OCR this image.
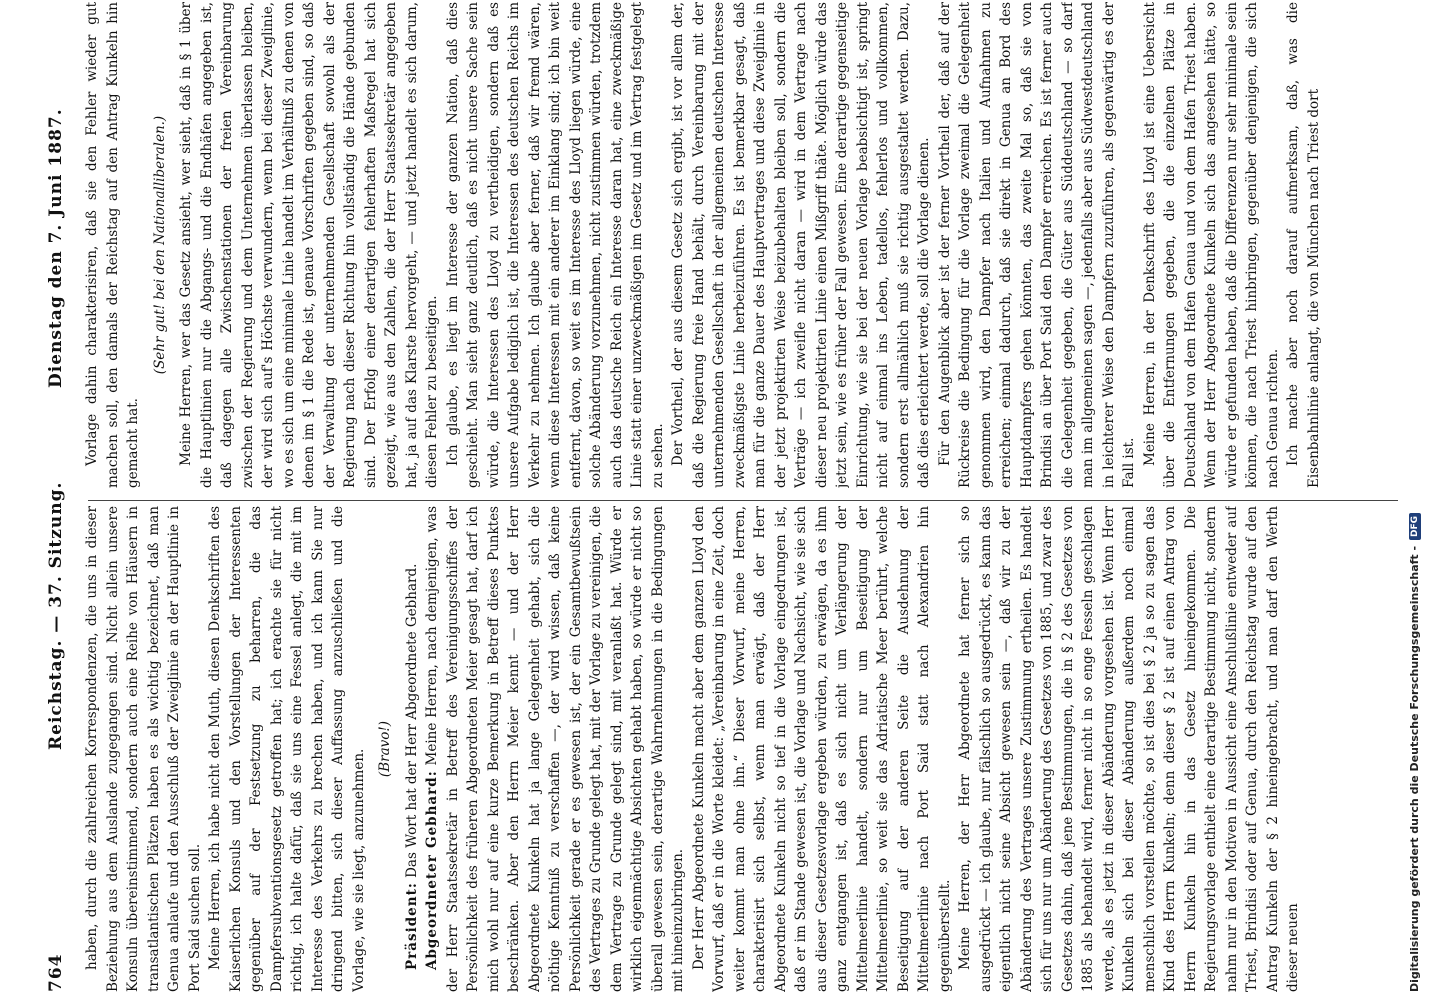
764
Reichstag. — 37. Sitzung.
Dienstag den 7. Juni 1887.

haben, durch die zahlreichen Korrespondenzen, die uns in dieser Beziehung aus dem Auslande zugegangen sind. Nicht allein unsere Konsuln übereinstimmend, sondern auch eine Reihe von Häusern in transatlantischen Plätzen haben es als wichtig bezeichnet, daß man Genua anlaufe und den Ausschluß der Zweiglinie an der Hauptlinie in Port Said suchen soll. Meine Herren, ich habe nicht den Muth, diesen Denkschriften des Kaiserlichen Konsuls und den Vorstellungen der Interessenten gegenüber auf der Festsetzung zu beharren, die das Dampfersubventionsgesetz getroffen hat; ich erachte sie für nicht richtig, ich halte dafür, daß sie uns eine Fessel anlegt, die mit im Interesse des Verkehrs zu brechen haben, und ich kann Sie nur dringend bitten, sich dieser Auffassung anzuschließen und die Vorlage, wie sie liegt, anzunehmen. (Bravo!)

Präsident: Das Wort hat der Herr Abgeordnete Gebhard. Abgeordneter Gebhard: Meine Herren, nach demjenigen, was der Herr Staatssekretär in Betreff des Vereinigungsschiffes der Persönlichkeit des früheren Abgeordneten Meier gesagt hat, darf ich mich wohl nur auf eine kurze Bemerkung in Betreff dieses Punktes beschränken. Aber den Herrn Meier kennt — und der Herr Abgeordnete Kunkeln hat ja lange Gelegenheit gehabt, sich die nöthige Kenntniß zu verschaffen —, der wird wissen, daß keine Persönlichkeit gerade er es gewesen ist, der ein Gesamtbewußtsein des Vertrages zu Grunde gelegt hat, mit der Vorlage zu vereinigen, die dem Vertrage zu Grunde gelegt sind, mit veranlaßt hat. Würde er wirklich eigenmächtige Absichten gehabt haben, so würde er nicht so überall gewesen sein, derartige Wahrnehmungen in die Bedingungen mit hineinzubringen. Der Herr Abgeordnete Kunkeln macht aber dem ganzen Lloyd den Vorwurf, daß er in die Worte kleidet: „Vereinbarung in eine Zeit, doch weiter kommt man ohne ihn.“ Dieser Vorwurf, meine Herren, charakterisirt sich selbst, wenn man erwägt, daß der Herr Abgeordnete Kunkeln nicht so tief in die Vorlage eingedrungen ist, daß er im Stande gewesen ist, die Vorlage und Nachsicht, wie sie sich aus dieser Gesetzesvorlage ergeben würden, zu erwägen, da es ihm ganz entgangen ist, daß es sich nicht um Verlängerung der Mittelmeerlinie handelt, sondern nur um Beseitigung der Mittelmeerlinie, so weit sie das Adriatische Meer berührt, welche Beseitigung auf der anderen Seite die Ausdehnung der Mittelmeerlinie nach Port Said statt nach Alexandrien hin gegenüberstellt. Meine Herren, der Herr Abgeordnete hat ferner sich so ausgedrückt — ich glaube, nur fälschlich so ausgedrückt, es kann das eigentlich nicht seine Absicht gewesen sein —, daß wir zu der Abänderung des Vertrages unsere Zustimmung ertheilen. Es handelt sich für uns nur um Abänderung des Gesetzes von 1885, und zwar des Gesetzes dahin, daß jene Bestimmungen, die in § 2 des Gesetzes von 1885 als behandelt wird, ferner nicht in so enge Fesseln geschlagen werde, als es jetzt in dieser Abänderung vorgesehen ist. Wenn Herr Kunkeln sich bei dieser Abänderung außerdem noch einmal menschlich vorstellen möchte, so ist dies bei § 2 ja so zu sagen das Kind des Herrn Kunkeln; denn dieser § 2 ist auf einen Antrag von Herrn Kunkeln hin in das Gesetz hineingekommen. Die Regierungsvorlage enthielt eine derartige Bestimmung nicht, sondern nahm nur in den Motiven in Aussicht eine Anschlußlinie entweder auf Triest, Brindisi oder auf Genua, durch den Reichstag wurde auf den Antrag Kunkeln der § 2 hineingebracht, und man darf den Werth dieser neuen

Vorlage dahin charakterisiren, daß sie den Fehler wieder gut machen soll, den damals der Reichstag auf den Antrag Kunkeln hin gemacht hat.

(Sehr gut! bei den Nationalliberalen.) Meine Herren, wer das Gesetz ansieht, wer sieht, daß in § 1 über die Hauptlinien nur die Abgangs- und die Endhäfen angegeben ist, daß dagegen alle Zwischenstationen der freien Vereinbarung zwischen der Regierung und dem Unternehmen überlassen bleiben, der wird sich auf's Höchste verwundern, wenn bei dieser Zweiglinie, wo es sich um eine minimale Linie handelt im Verhältniß zu denen von denen im § 1 die Rede ist, genaue Vorschriften gegeben sind, so daß der Verwaltung der unternehmenden Gesellschaft sowohl als der Regierung nach dieser Richtung hin vollständig die Hände gebunden sind. Der Erfolg einer derartigen fehlerhaften Maßregel hat sich gezeigt, wie aus den Zahlen, die der Herr Staatssekretär angegeben hat, ja auf das Klarste hervorgeht, — und jetzt handelt es sich darum, diesen Fehler zu beseitigen. Ich glaube, es liegt im Interesse der ganzen Nation, daß dies geschieht. Man sieht ganz deutlich, daß es nicht unsere Sache sein würde, die Interessen des Lloyd zu vertheidigen, sondern daß es unsere Aufgabe lediglich ist, die Interessen des deutschen Reichs im Verkehr zu nehmen. Ich glaube aber ferner, daß wir fremd wären, wenn diese Interessen mit ein anderer im Einklang sind; ich bin weit entfernt, davon, so weit es im Interesse des Lloyd liegen würde, eine solche Abänderung vorzunehmen, nicht zustimmen würden, trotzdem auch das deutsche Reich ein Interesse daran hat, eine zweckmäßige Linie statt einer unzweckmäßigen im Gesetz und im Vertrag festgelegt zu sehen. Der Vortheil, der aus diesem Gesetz sich ergibt, ist vor allem der, daß die Regierung freie Hand behält, durch Vereinbarung mit der unternehmenden Gesellschaft in der allgemeinen deutschen Interesse zweckmäßigste Linie herbeizuführen. Es ist bemerkbar gesagt, daß man für die ganze Dauer des Hauptvertrages und diese Zweiglinie in der jetzt projektirten Weise beizubehalten bleiben soll, sondern die Verträge — ich zweifle nicht daran — wird in dem Vertrage nach dieser neu projektirten Linie einen Mißgriff thäte. Möglich würde das jetzt sein, wie es früher der Fall gewesen. Eine derartige gegenseitige Einrichtung, wie sie bei der neuen Vorlage beabsichtigt ist, springt nicht auf einmal ins Leben, tadellos, fehlerlos und vollkommen, sondern erst allmählich muß sie richtig ausgestaltet werden. Dazu, daß dies erleichtert werde, soll die Vorlage dienen. Für den Augenblick aber ist der ferner Vortheil der, daß auf der Rückreise die Bedingung für die Vorlage zweimal die Gelegenheit genommen wird, den Dampfer nach Italien und Aufnahmen zu erreichen; einmal dadurch, daß sie direkt in Genua an Bord des Hauptdampfers gehen könnten, das zweite Mal so, daß sie von Brindisi an über Port Said den Dampfer erreichen. Es ist ferner auch die Gelegenheit gegeben, die Güter aus Süddeutschland — so darf man im allgemeinen sagen —, jedenfalls aber aus Südwestdeutschland in leichterer Weise den Dampfern zuzuführen, als gegenwärtig es der Fall ist. Meine Herren, in der Denkschrift des Lloyd ist eine Uebersicht über die Entfernungen gegeben, die die einzelnen Plätze in Deutschland von dem Hafen Genua und von dem Hafen Triest haben. Wenn der Herr Abgeordnete Kunkeln sich das angesehen hätte, so würde er gefunden haben, daß die Differenzen nur sehr minimale sein können, die nach Triest hinbringen, gegenüber denjenigen, die sich nach Genua richten. Ich mache aber noch darauf aufmerksam, daß, was die Eisenbahnlinie anlangt, die von München nach Triest dort

Digitalisierung gefördert durch die Deutsche Forschungsgemeinschaft -DFG
